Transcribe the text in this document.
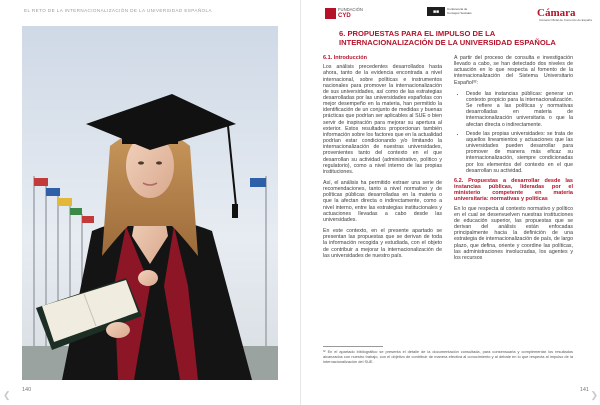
EL RETO DE LA INTERNACIONALIZACIÓN DE LA UNIVERSIDAD ESPAÑOLA
140
❮
FUNDACIÓN
CYD
■■	Conferencia de Consejos Sociales	Cámara
Cámara Oficial de Comercio de España
6. PROPUESTAS PARA EL IMPULSO DE LA INTERNACIONALIZACIÓN DE LA UNIVERSIDAD ESPAÑOLA
6.1. Introducción

Los análisis precedentes desarrollados hasta ahora, tanto de la evidencia encontrada a nivel internacional, sobre políticas e instrumentos nacionales para promover la internacionalización de sus universidades, así como de las estrategias desarrolladas por las universidades españolas con mejor desempeño en la materia, han permitido la identificación de un conjunto de medidas y buenas prácticas que podrían ser aplicables al SUE o bien servir de inspiración para mejorar su apertura al exterior. Estos resultados proporcionan también información sobre los factores que en la actualidad podrían estar condicionando y/o limitando la internacionalización de nuestras universidades, provenientes tanto del contexto en el que desarrollan su actividad (administrativo, político y regulatorio), como a nivel interno de las propias instituciones.

Así, el análisis ha permitido extraer una serie de recomendaciones, tanto a nivel normativo y de políticas públicas desarrolladas en la materia o que la afectan directa o indirectamente, como a nivel interno, entre las estrategias institucionales y actuaciones llevadas a cabo desde las universidades.

En este contexto, en el presente apartado se presentan las propuestas que se derivan de toda la información recogida y estudiada, con el objeto de contribuir a mejorar la internacionalización de las universidades de nuestro país.

A partir del proceso de consulta e investigación llevado a cabo, se han detectado dos niveles de actuación en lo que respecta al fomento de la internacionalización del Sistema Universitario Español³²:

• Desde las instancias públicas: generar un contexto propicio para la internacionalización. Se refiere a las políticas y normativas desarrolladas en materia de internacionalización universitaria o que la afectan directa o indirectamente.
• Desde las propias universidades: se trata de aquellos lineamientos y actuaciones que las universidades pueden desarrollar para promover de manera más eficaz su internacionalización, siempre condicionadas por los elementos del contexto en el que desarrollan su actividad.
6.2. Propuestas a desarrollar desde las instancias públicas, lideradas por el ministerio competente en materia universitaria: normativas y políticas

En lo que respecta al contexto normativo y político en el cual se desenvuelven nuestras instituciones de educación superior, las propuestas que se derivan del análisis están enfocadas principalmente hacia la definición de una estrategia de internacionalización de país, de largo plazo, que defina, oriente y coordine las políticas, las administraciones involucradas, los agentes y los recursos

³² En el apartado bibliográfico se presenta el detalle de la documentación consultada, para consensuarla y complementar los resultados alcanzados con nuestro trabajo, con el objetivo de contribuir de manera efectiva al conocimiento y al debate en lo que respecta al impulso de la internacionalización del SUE.
141 ❯
